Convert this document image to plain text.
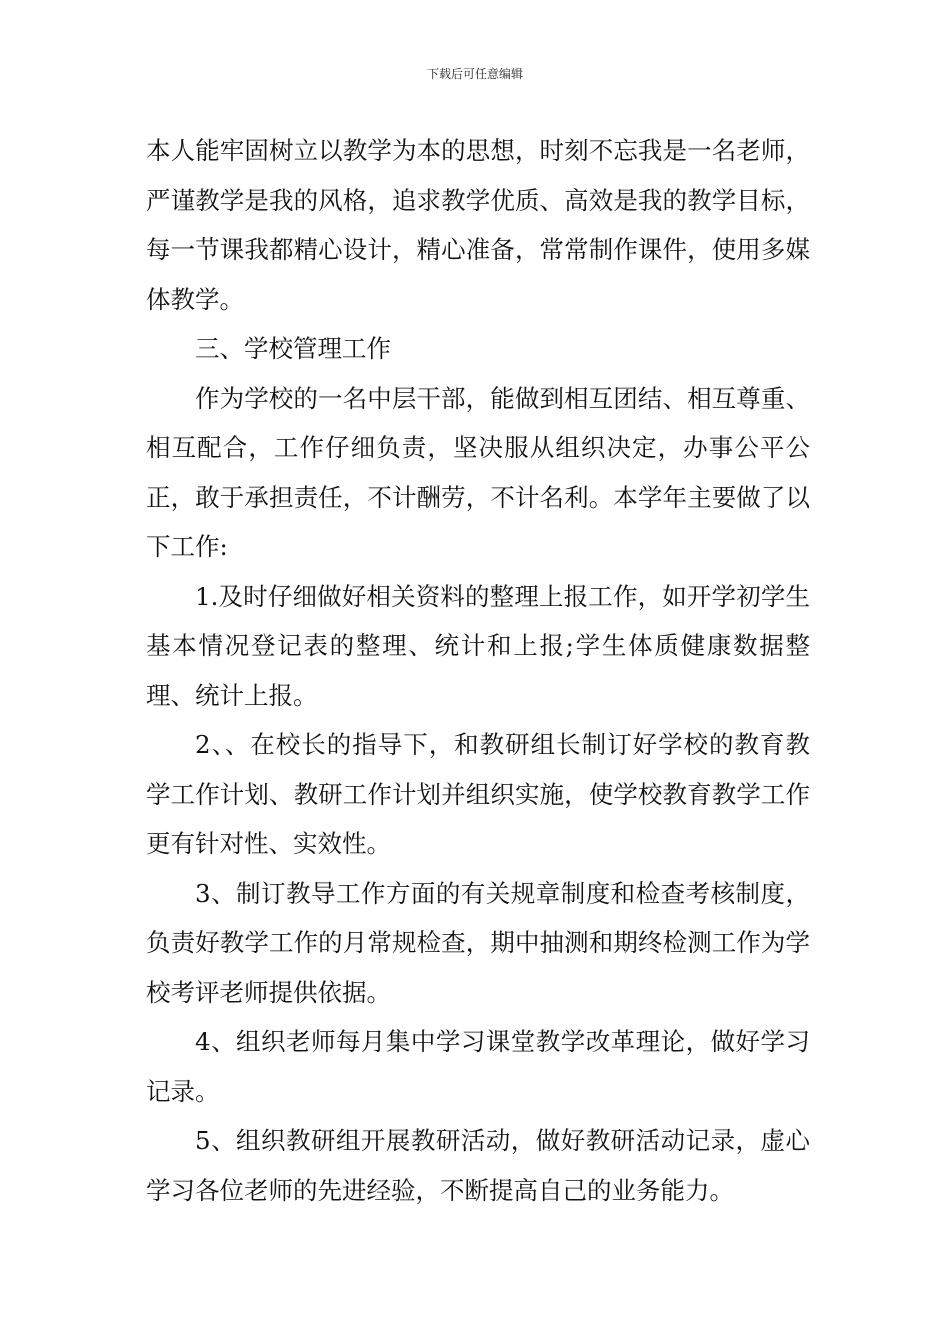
下载后可任意编辑

本人能牢固树立以教学为本的思想，时刻不忘我是一名老师，严谨教学是我的风格，追求教学优质、高效是我的教学目标，每一节课我都精心设计，精心准备，常常制作课件，使用多媒体教学。

三、学校管理工作

作为学校的一名中层干部，能做到相互团结、相互尊重、相互配合，工作仔细负责，坚决服从组织决定，办事公平公正，敢于承担责任，不计酬劳，不计名利。本学年主要做了以下工作:

1.及时仔细做好相关资料的整理上报工作，如开学初学生基本情况登记表的整理、统计和上报;学生体质健康数据整理、统计上报。

2、、在校长的指导下，和教研组长制订好学校的教育教学工作计划、教研工作计划并组织实施，使学校教育教学工作更有针对性、实效性。

3、制订教导工作方面的有关规章制度和检查考核制度，负责好教学工作的月常规检查，期中抽测和期终检测工作为学校考评老师提供依据。

4、组织老师每月集中学习课堂教学改革理论，做好学习记录。

5、组织教研组开展教研活动，做好教研活动记录，虚心学习各位老师的先进经验，不断提高自己的业务能力。
